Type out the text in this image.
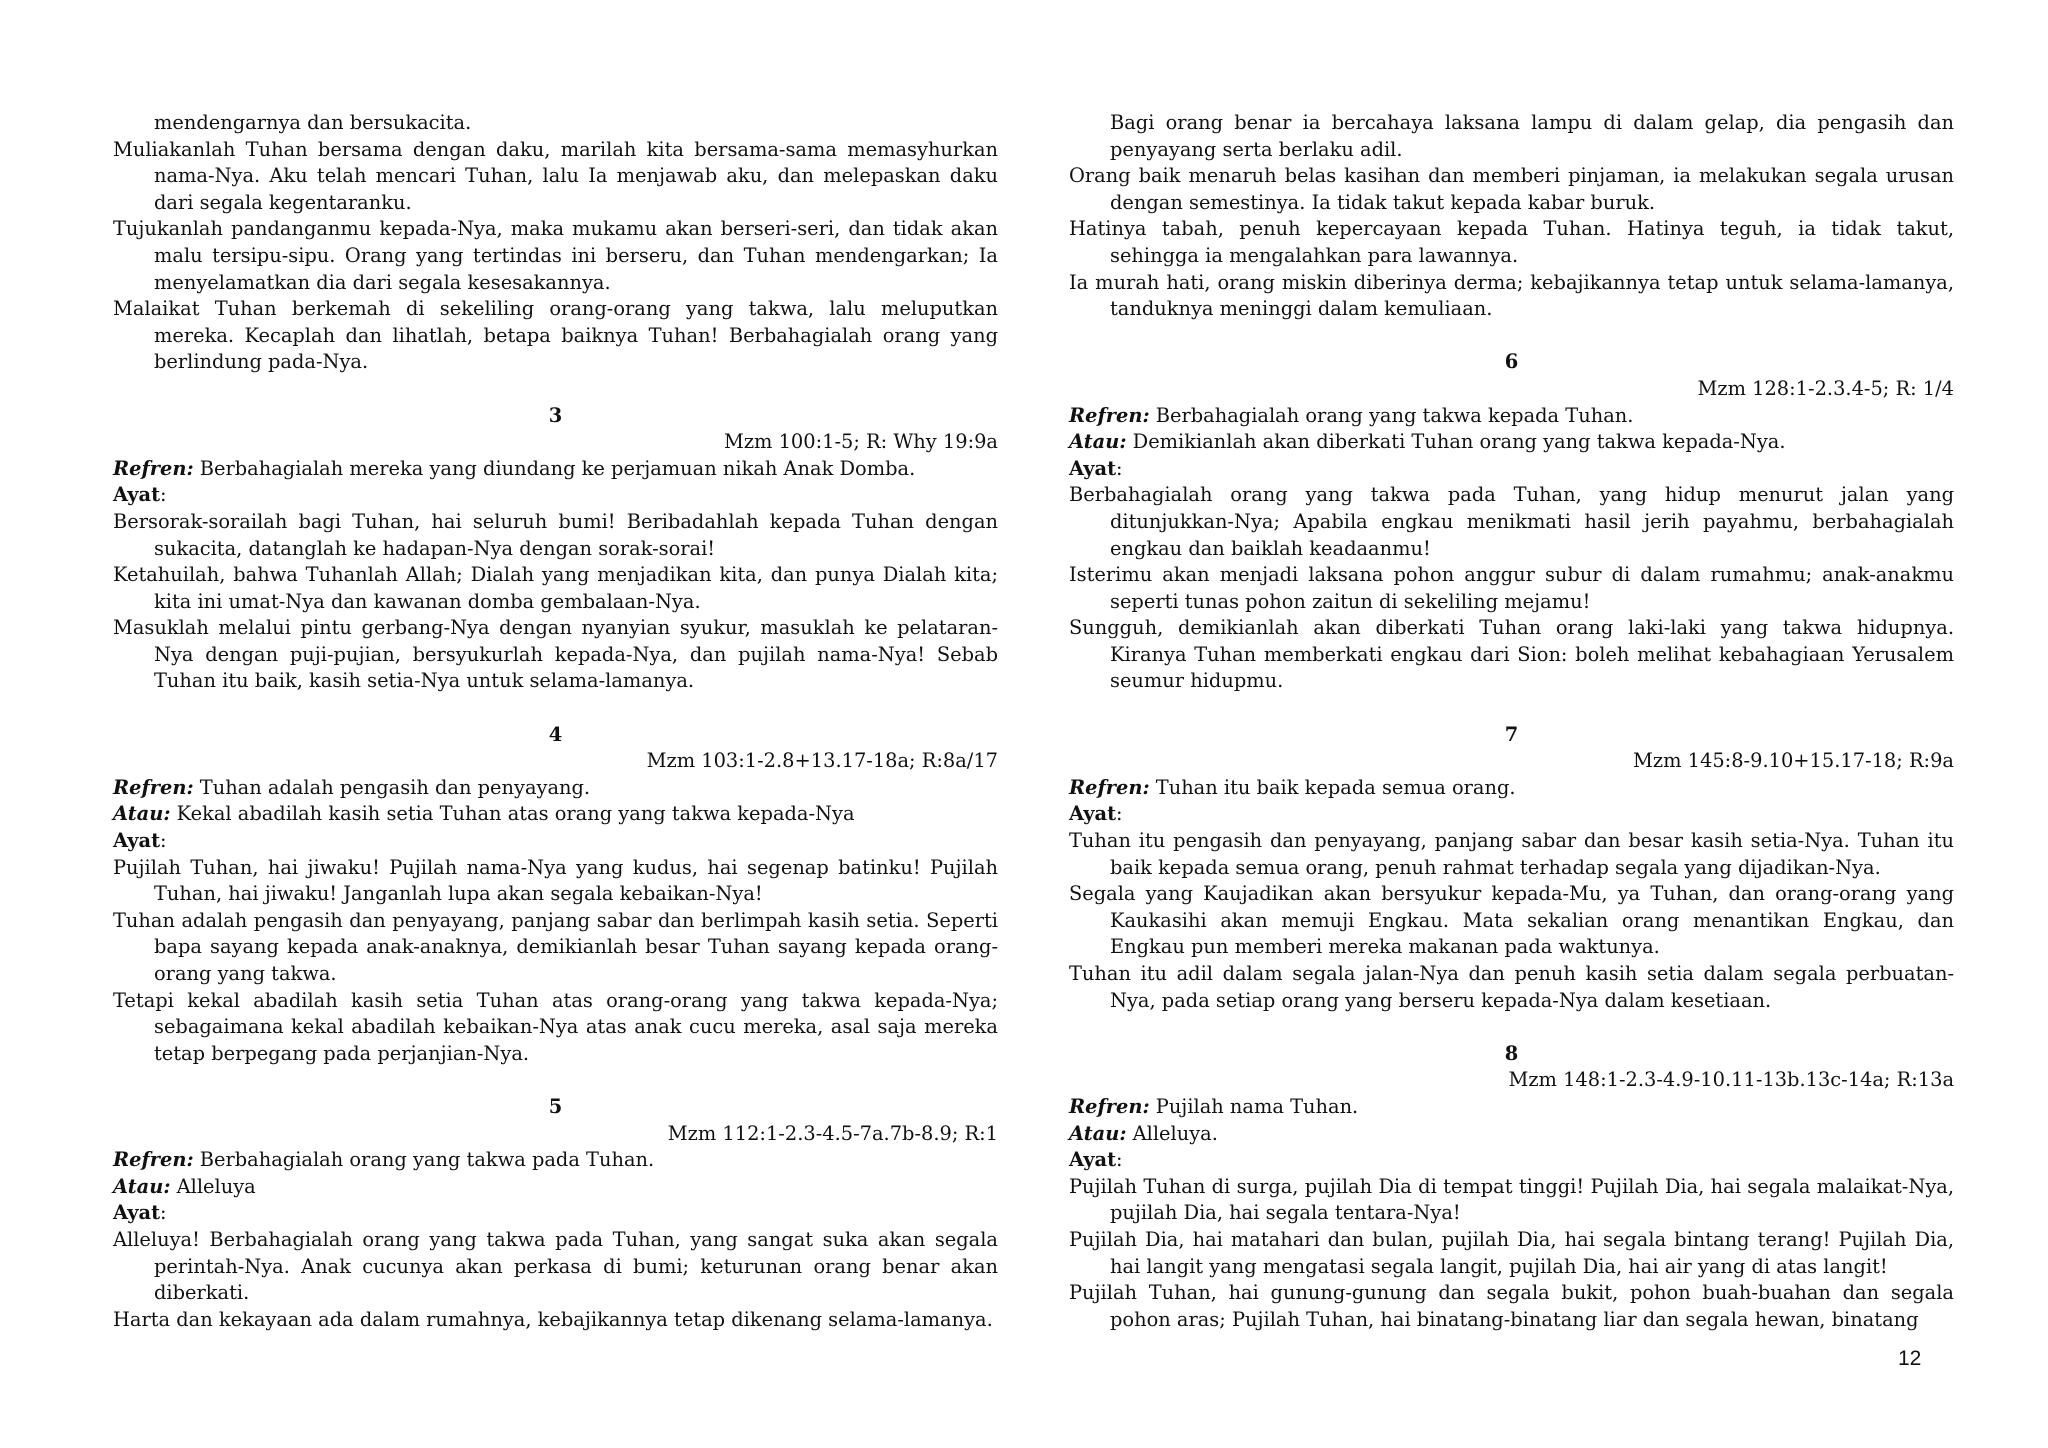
mendengarnya dan bersukacita.

Muliakanlah Tuhan bersama dengan daku, marilah kita bersama-sama memasyhurkan nama-Nya. Aku telah mencari Tuhan, lalu Ia menjawab aku, dan melepaskan daku dari segala kegentaranku.

Tujukanlah pandanganmu kepada-Nya, maka mukamu akan berseri-seri, dan tidak akan malu tersipu-sipu. Orang yang tertindas ini berseru, dan Tuhan mendengarkan; Ia menyelamatkan dia dari segala kesesakannya.

Malaikat Tuhan berkemah di sekeliling orang-orang yang takwa, lalu meluputkan mereka. Kecaplah dan lihatlah, betapa baiknya Tuhan! Berbahagialah orang yang berlindung pada-Nya.

3

Mzm 100:1-5; R: Why 19:9a

Refren: Berbahagialah mereka yang diundang ke perjamuan nikah Anak Domba.

Ayat:

Bersorak-sorailah bagi Tuhan, hai seluruh bumi! Beribadahlah kepada Tuhan dengan sukacita, datanglah ke hadapan-Nya dengan sorak-sorai!

Ketahuilah, bahwa Tuhanlah Allah; Dialah yang menjadikan kita, dan punya Dialah kita; kita ini umat-Nya dan kawanan domba gembalaan-Nya.

Masuklah melalui pintu gerbang-Nya dengan nyanyian syukur, masuklah ke pelataran-Nya dengan puji-pujian, bersyukurlah kepada-Nya, dan pujilah nama-Nya! Sebab Tuhan itu baik, kasih setia-Nya untuk selama-lamanya.

4

Mzm 103:1-2.8+13.17-18a; R:8a/17

Refren: Tuhan adalah pengasih dan penyayang.

Atau: Kekal abadilah kasih setia Tuhan atas orang yang takwa kepada-Nya

Ayat:

Pujilah Tuhan, hai jiwaku! Pujilah nama-Nya yang kudus, hai segenap batinku! Pujilah Tuhan, hai jiwaku! Janganlah lupa akan segala kebaikan-Nya!

Tuhan adalah pengasih dan penyayang, panjang sabar dan berlimpah kasih setia. Seperti bapa sayang kepada anak-anaknya, demikianlah besar Tuhan sayang kepada orang-orang yang takwa.

Tetapi kekal abadilah kasih setia Tuhan atas orang-orang yang takwa kepada-Nya; sebagaimana kekal abadilah kebaikan-Nya atas anak cucu mereka, asal saja mereka tetap berpegang pada perjanjian-Nya.

5

Mzm 112:1-2.3-4.5-7a.7b-8.9; R:1

Refren: Berbahagialah orang yang takwa pada Tuhan.

Atau: Alleluya

Ayat:

Alleluya! Berbahagialah orang yang takwa pada Tuhan, yang sangat suka akan segala perintah-Nya. Anak cucunya akan perkasa di bumi; keturunan orang benar akan diberkati.

Harta dan kekayaan ada dalam rumahnya, kebajikannya tetap dikenang selama-lamanya.

Bagi orang benar ia bercahaya laksana lampu di dalam gelap, dia pengasih dan penyayang serta berlaku adil.

Orang baik menaruh belas kasihan dan memberi pinjaman, ia melakukan segala urusan dengan semestinya. Ia tidak takut kepada kabar buruk.

Hatinya tabah, penuh kepercayaan kepada Tuhan. Hatinya teguh, ia tidak takut, sehingga ia mengalahkan para lawannya.

Ia murah hati, orang miskin diberinya derma; kebajikannya tetap untuk selama-lamanya, tanduknya meninggi dalam kemuliaan.

6

Mzm 128:1-2.3.4-5; R: 1/4

Refren: Berbahagialah orang yang takwa kepada Tuhan.

Atau: Demikianlah akan diberkati Tuhan orang yang takwa kepada-Nya.

Ayat:

Berbahagialah orang yang takwa pada Tuhan, yang hidup menurut jalan yang ditunjukkan-Nya; Apabila engkau menikmati hasil jerih payahmu, berbahagialah engkau dan baiklah keadaanmu!

Isterimu akan menjadi laksana pohon anggur subur di dalam rumahmu; anak-anakmu seperti tunas pohon zaitun di sekeliling mejamu!

Sungguh, demikianlah akan diberkati Tuhan orang laki-laki yang takwa hidupnya. Kiranya Tuhan memberkati engkau dari Sion: boleh melihat kebahagiaan Yerusalem seumur hidupmu.

7

Mzm 145:8-9.10+15.17-18; R:9a

Refren: Tuhan itu baik kepada semua orang.

Ayat:

Tuhan itu pengasih dan penyayang, panjang sabar dan besar kasih setia-Nya. Tuhan itu baik kepada semua orang, penuh rahmat terhadap segala yang dijadikan-Nya.

Segala yang Kaujadikan akan bersyukur kepada-Mu, ya Tuhan, dan orang-orang yang Kaukasihi akan memuji Engkau. Mata sekalian orang menantikan Engkau, dan Engkau pun memberi mereka makanan pada waktunya.

Tuhan itu adil dalam segala jalan-Nya dan penuh kasih setia dalam segala perbuatan-Nya, pada setiap orang yang berseru kepada-Nya dalam kesetiaan.

8

Mzm 148:1-2.3-4.9-10.11-13b.13c-14a; R:13a

Refren: Pujilah nama Tuhan.

Atau: Alleluya.

Ayat:

Pujilah Tuhan di surga, pujilah Dia di tempat tinggi! Pujilah Dia, hai segala malaikat-Nya, pujilah Dia, hai segala tentara-Nya!

Pujilah Dia, hai matahari dan bulan, pujilah Dia, hai segala bintang terang! Pujilah Dia, hai langit yang mengatasi segala langit, pujilah Dia, hai air yang di atas langit!

Pujilah Tuhan, hai gunung-gunung dan segala bukit, pohon buah-buahan dan segala pohon aras; Pujilah Tuhan, hai binatang-binatang liar dan segala hewan, binatang

12
